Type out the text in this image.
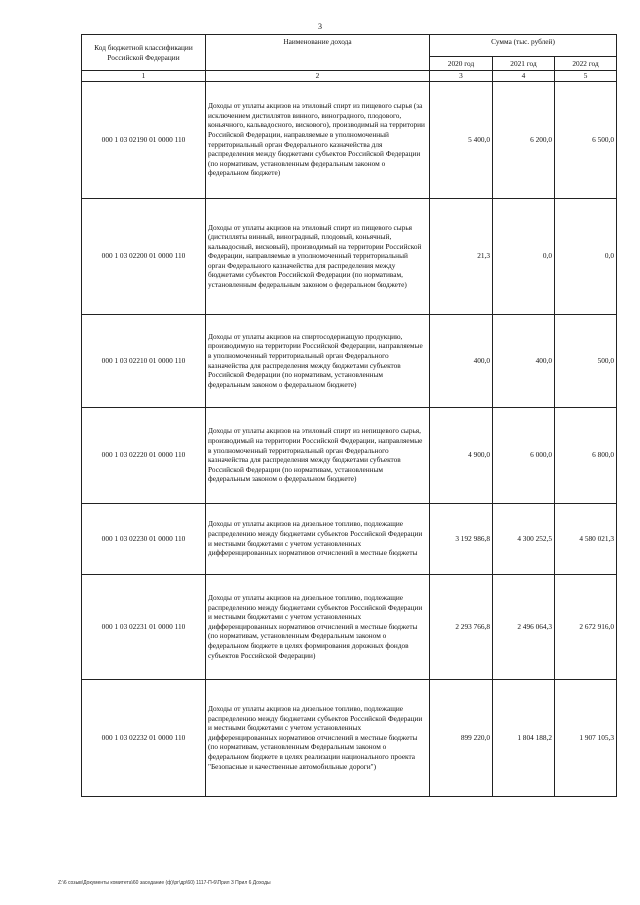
3
Код бюджетной классификации Российской Федерации	Наименование дохода	Сумма (тыс. рублей)		
		2020 год	2021 год	2022 год
1	2	3	4	5
000 1 03 02190 01 0000 110	Доходы от уплаты акцизов на этиловый спирт из пищевого сырья (за исключением дистиллятов винного, виноградного, плодового, коньячного, кальвадосного, вискового), производимый на территории Российской Федерации, направляемые в уполномоченный территориальный орган Федерального казначейства для распределения между бюджетами субъектов Российской Федерации (по нормативам, установленным федеральным законом о федеральном бюджете)	5 400,0	6 200,0	6 500,0
000 1 03 02200 01 0000 110	Доходы от уплаты акцизов на этиловый спирт из пищевого сырья (дистилляты винный, виноградный, плодовый, коньячный, кальвадосный, висковый), производимый на территории Российской Федерации, направляемые в уполномоченный территориальный орган Федерального казначейства для распределения между бюджетами субъектов Российской Федерации (по нормативам, установленным федеральным законом о федеральном бюджете)	21,3	0,0	0,0
000 1 03 02210 01 0000 110	Доходы от уплаты акцизов на спиртосодержащую продукцию, производимую на территории Российской Федерации, направляемые в уполномоченный территориальный орган Федерального казначейства для распределения между бюджетами субъектов Российской Федерации (по нормативам, установленным федеральным законом о федеральном бюджете)	400,0	400,0	500,0
000 1 03 02220 01 0000 110	Доходы от уплаты акцизов на этиловый спирт из непищевого сырья, производимый на территории Российской Федерации, направляемые в уполномоченный территориальный орган Федерального казначейства для распределения между бюджетами субъектов Российской Федерации (по нормативам, установленным федеральным законом о федеральном бюджете)	4 900,0	6 000,0	6 800,0
000 1 03 02230 01 0000 110	Доходы от уплаты акцизов на дизельное топливо, подлежащие распределению между бюджетами субъектов Российской Федерации и местными бюджетами с учетом установленных дифференцированных нормативов отчислений в местные бюджеты	3 192 986,8	4 300 252,5	4 580 021,3
000 1 03 02231 01 0000 110	Доходы от уплаты акцизов на дизельное топливо, подлежащие распределению между бюджетами субъектов Российской Федерации и местными бюджетами с учетом установленных дифференцированных нормативов отчислений в местные бюджеты (по нормативам, установленным Федеральным законом о федеральном бюджете в целях формирования дорожных фондов субъектов Российской Федерации)	2 293 766,8	2 496 064,3	2 672 916,0
000 1 03 02232 01 0000 110	Доходы от уплаты акцизов на дизельное топливо, подлежащие распределению между бюджетами субъектов Российской Федерации и местными бюджетами с учетом установленных дифференцированных нормативов отчислений в местные бюджеты (по нормативам, установленным Федеральным законом о федеральном бюджете в целях реализации национального проекта "Безопасные и качественные автомобильные дороги")	899 220,0	1 804 188,2	1 907 105,3
Z:\6 созыв\Документы комитета\60 заседание (ф)\рг\др\60) 1117-П-6\Прил 3 Прил 6 Доходы
